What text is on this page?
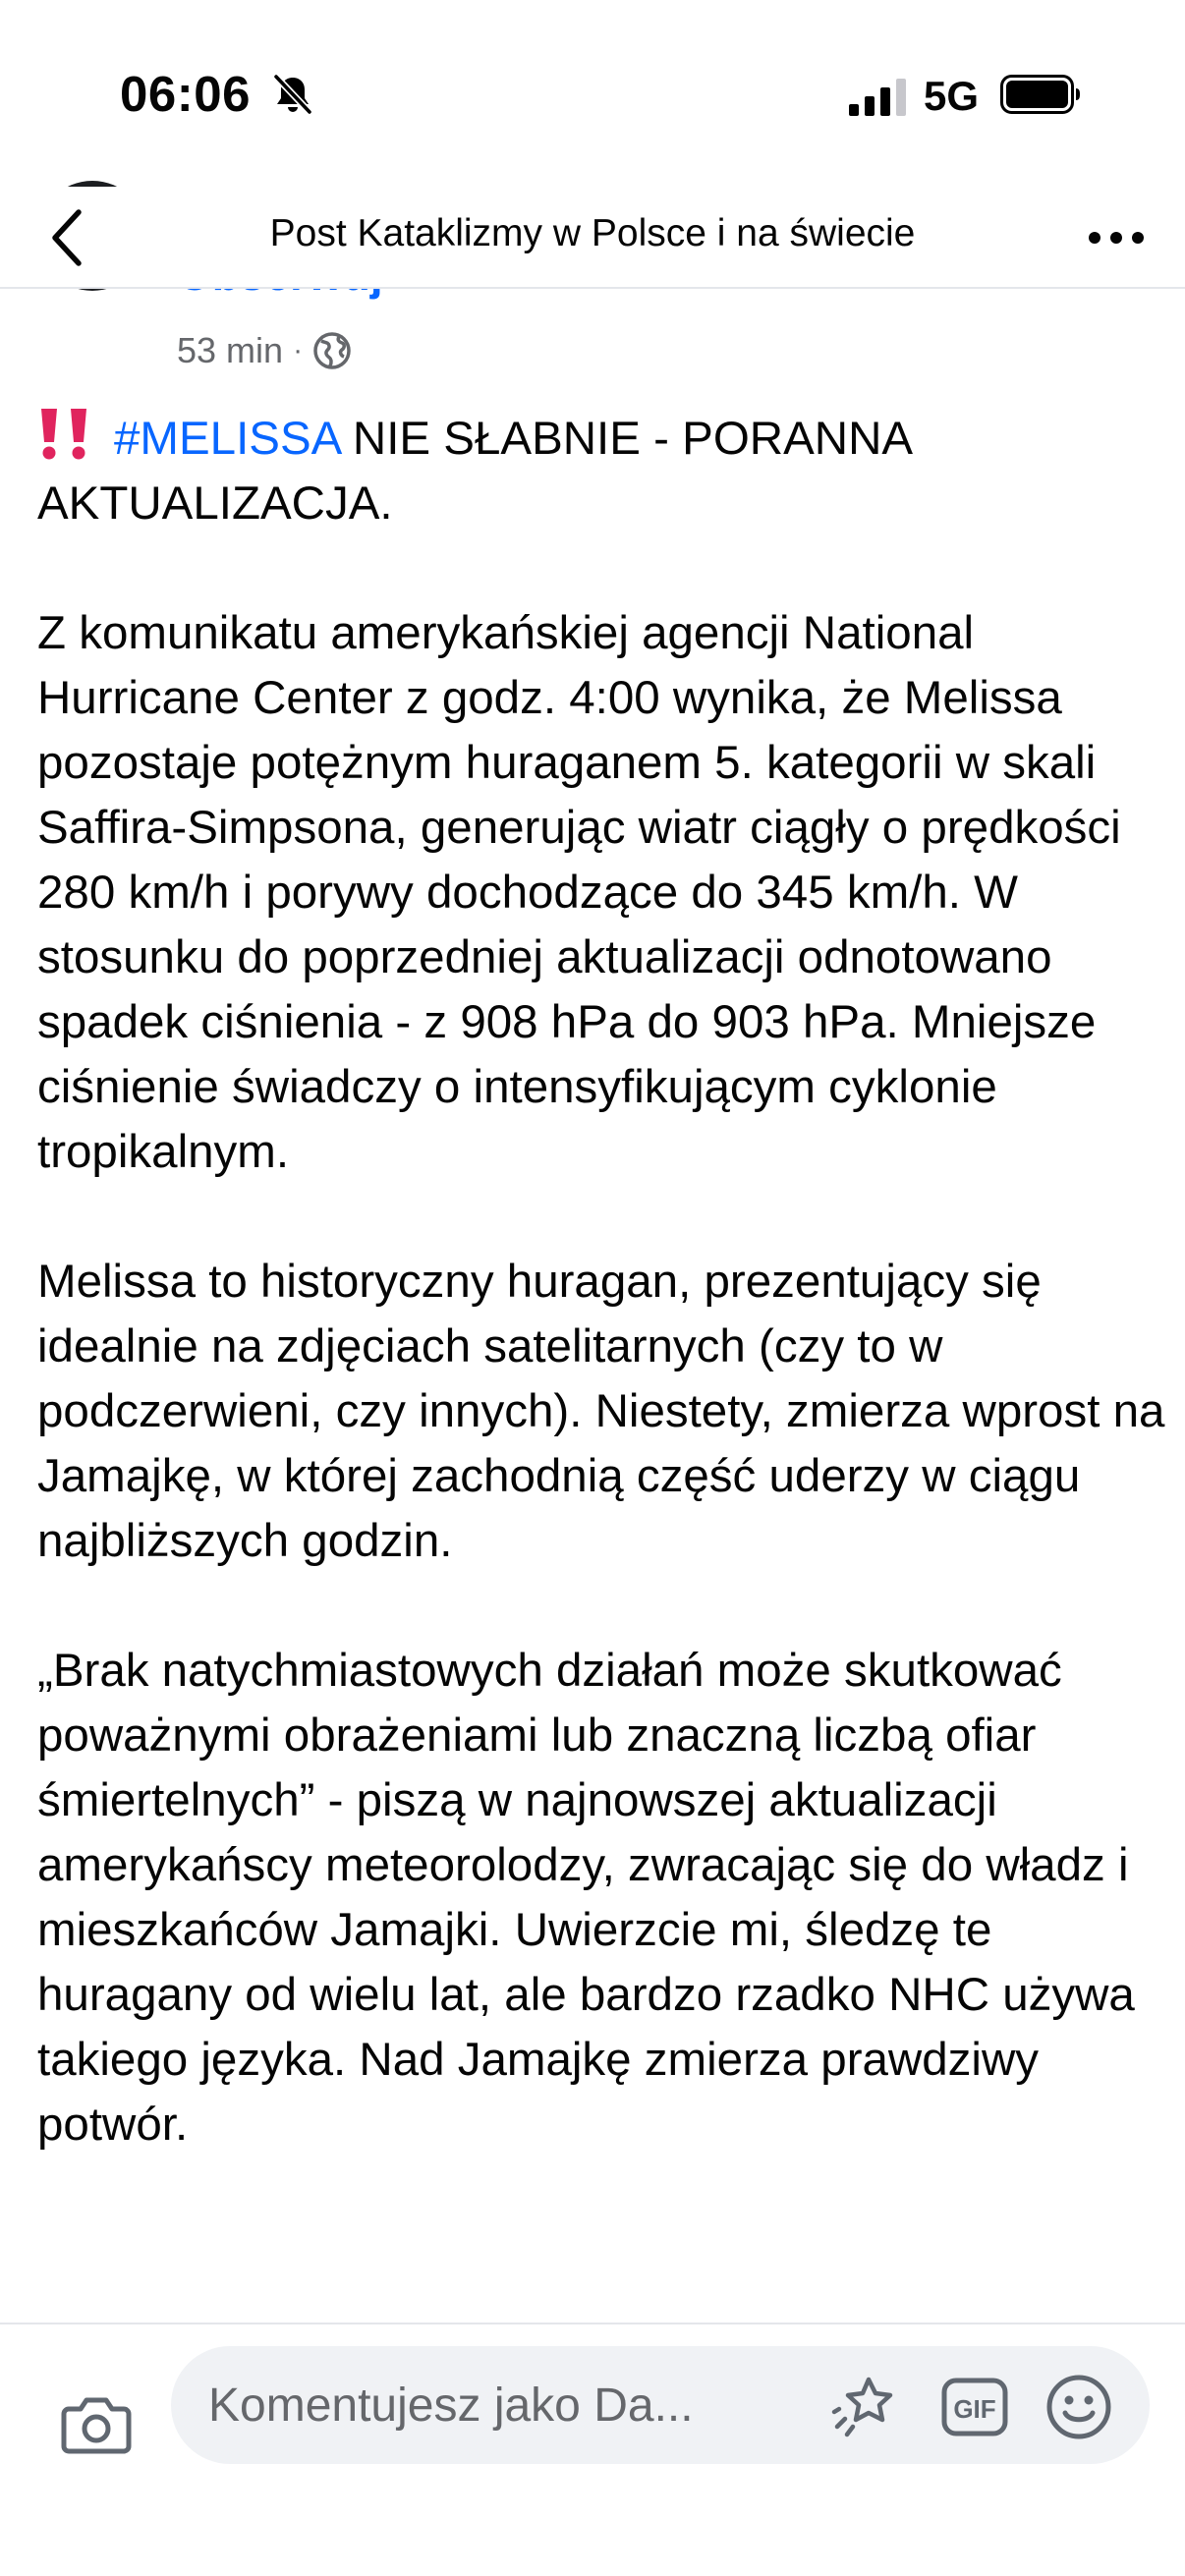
06:06	5G
Post Kataklizmy w Polsce i na świecie
53 min ·

#MELISSA NIE SŁABNIE - PORANNA AKTUALIZACJA.

Z komunikatu amerykańskiej agencji National Hurricane Center z godz. 4:00 wynika, że Melissa pozostaje potężnym huraganem 5. kategorii w skali Saffira-Simpsona, generując wiatr ciągły o prędkości 280 km/h i porywy dochodzące do 345 km/h. W stosunku do poprzedniej aktualizacji odnotowano spadek ciśnienia - z 908 hPa do 903 hPa. Mniejsze ciśnienie świadczy o intensyfikującym cyklonie tropikalnym.

Melissa to historyczny huragan, prezentujący się idealnie na zdjęciach satelitarnych (czy to w podczerwieni, czy innych). Niestety, zmierza wprost na Jamajkę, w której zachodnią część uderzy w ciągu najbliższych godzin.

„Brak natychmiastowych działań może skutkować poważnymi obrażeniami lub znaczną liczbą ofiar śmiertelnych” - piszą w najnowszej aktualizacji amerykańscy meteorolodzy, zwracając się do władz i mieszkańców Jamajki. Uwierzcie mi, śledzę te huragany od wielu lat, ale bardzo rzadko NHC używa takiego języka. Nad Jamajkę zmierza prawdziwy potwór.

Komentujesz jako Da...
GIF
